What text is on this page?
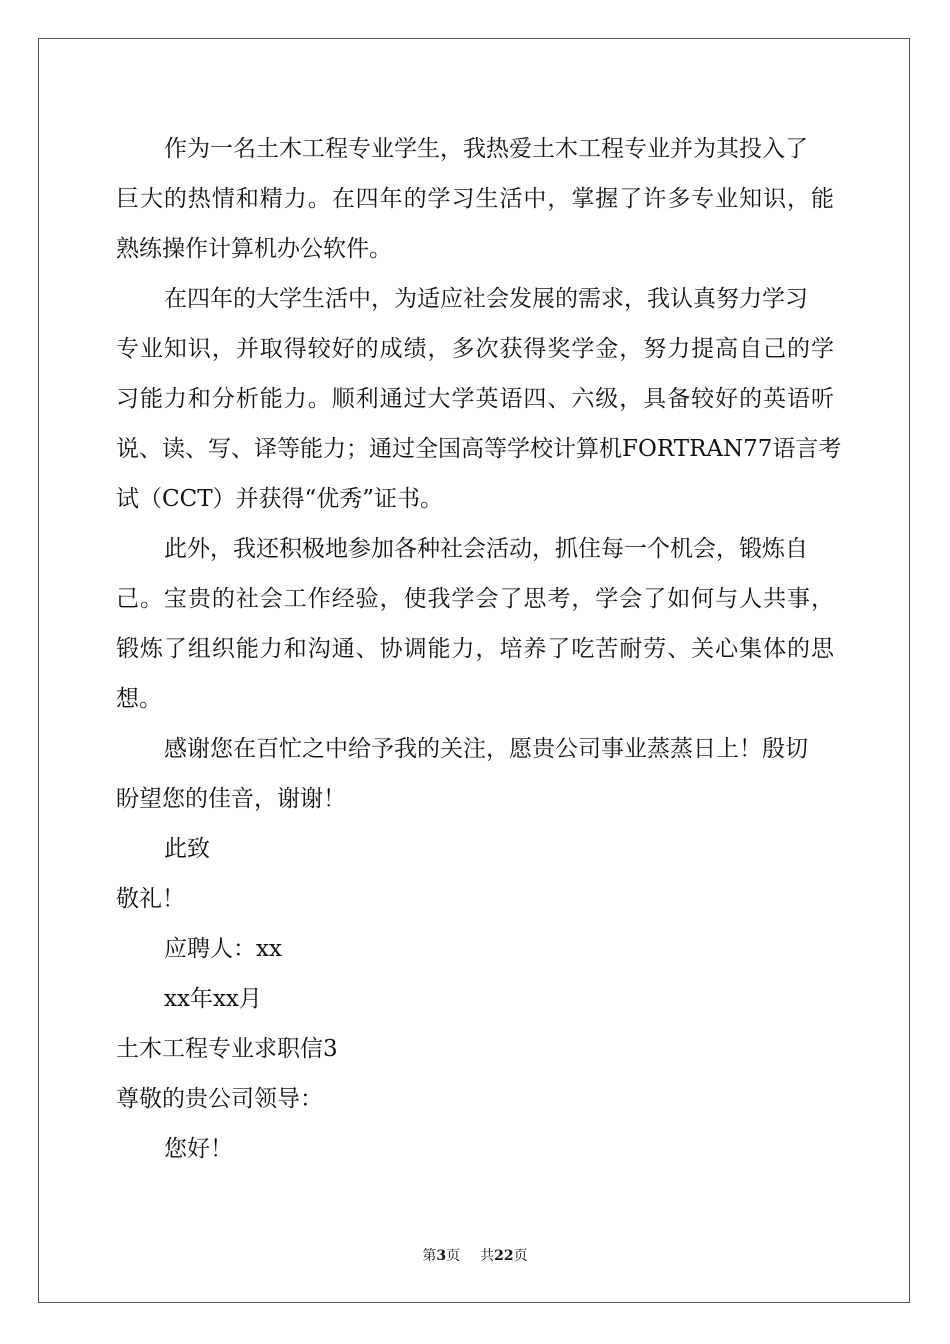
作为一名土木工程专业学生，我热爱土木工程专业并为其投入了
巨大的热情和精力。在四年的学习生活中，掌握了许多专业知识，能
熟练操作计算机办公软件。
在四年的大学生活中，为适应社会发展的需求，我认真努力学习
专业知识，并取得较好的成绩，多次获得奖学金，努力提高自己的学
习能力和分析能力。顺利通过大学英语四、六级，具备较好的英语听
说、读、写、译等能力；通过全国高等学校计算机FORTRAN77语言考
试（CCT）并获得“优秀”证书。
此外，我还积极地参加各种社会活动，抓住每一个机会，锻炼自
己。宝贵的社会工作经验，使我学会了思考，学会了如何与人共事，
锻炼了组织能力和沟通、协调能力，培养了吃苦耐劳、关心集体的思
想。
感谢您在百忙之中给予我的关注，愿贵公司事业蒸蒸日上！殷切
盼望您的佳音，谢谢！
此致
敬礼！
应聘人：xx
xx年xx月
土木工程专业求职信3
尊敬的贵公司领导：
您好！
第3页 共22页
